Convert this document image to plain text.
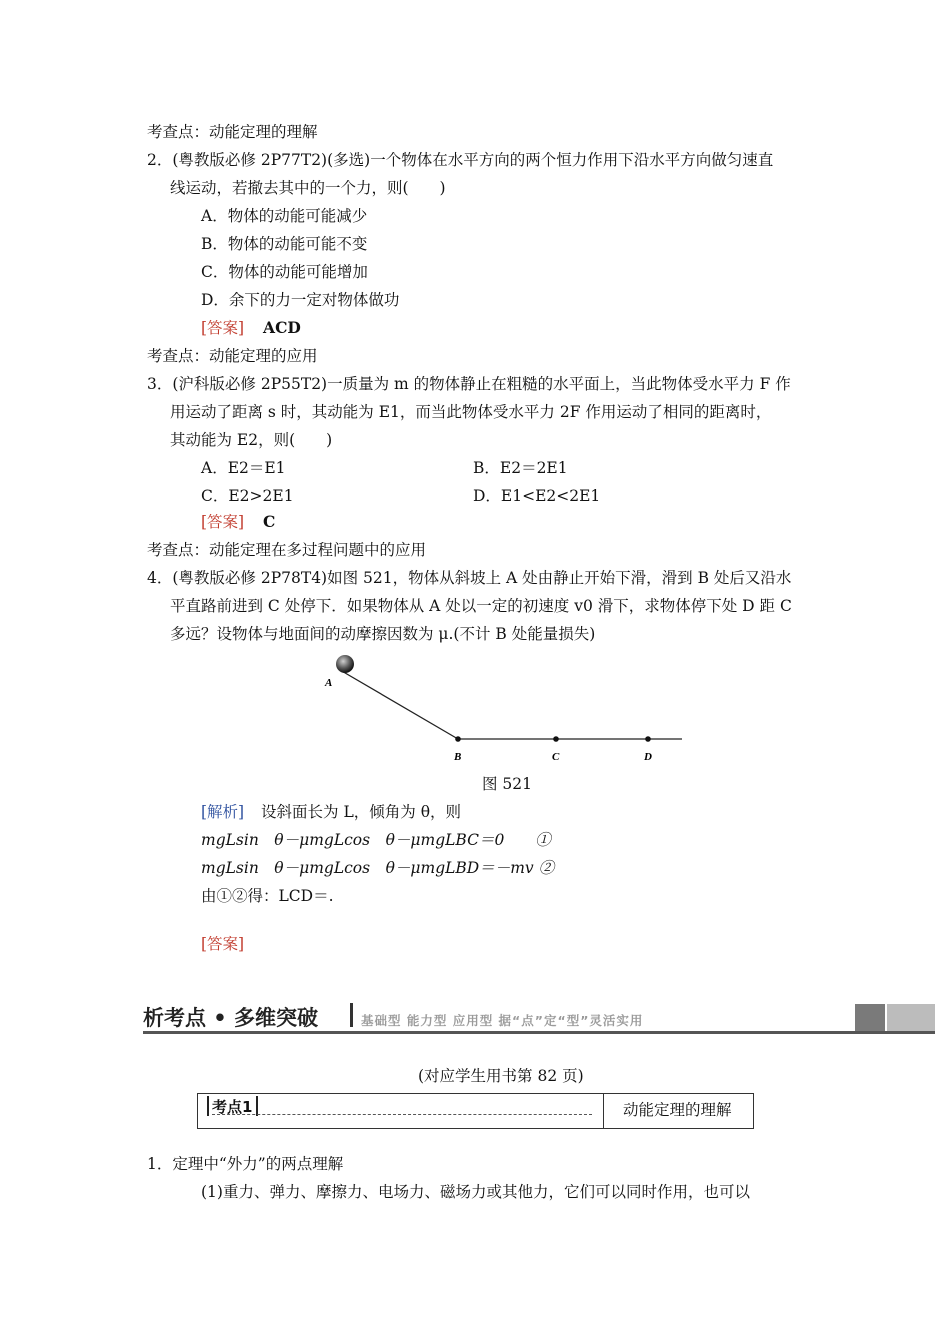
考查点：动能定理的理解
2．(粤教版必修 2P77T2)(多选)一个物体在水平方向的两个恒力作用下沿水平方向做匀速直
线运动，若撤去其中的一个力，则(　　)
A．物体的动能可能减少
B．物体的动能可能不变
C．物体的动能可能增加
D．余下的力一定对物体做功
[答案] ACD
考查点：动能定理的应用
3．(沪科版必修 2P55T2)一质量为 m 的物体静止在粗糙的水平面上，当此物体受水平力 F 作
用运动了距离 s 时，其动能为 E1，而当此物体受水平力 2F 作用运动了相同的距离时，
其动能为 E2，则(　　)
A．E2＝E1	B．E2＝2E1
C．E2>2E1	D．E1<E2<2E1
[答案] C
考查点：动能定理在多过程问题中的应用
4．(粤教版必修 2P78T4)如图 521，物体从斜坡上 A 处由静止开始下滑，滑到 B 处后又沿水
平直路前进到 C 处停下．如果物体从 A 处以一定的初速度 v0 滑下，求物体停下处 D 距 C
多远？设物体与地面间的动摩擦因数为 μ.(不计 B 处能量损失)
A
B	C	D
图 521
[解析] 设斜面长为 L，倾角为 θ，则
mgLsin　θ－μmgLcos　θ－μmgLBC＝0　　①
mgLsin　θ－μmgLcos　θ－μmgLBD＝－mv ②
由①②得：LCD＝.
[答案]
析考点 • 多维突破	基础型 能力型 应用型 据“点”定“型”灵活实用
(对应学生用书第 82 页)
考点1	动能定理的理解
1．定理中“外力”的两点理解
(1)重力、弹力、摩擦力、电场力、磁场力或其他力，它们可以同时作用，也可以
